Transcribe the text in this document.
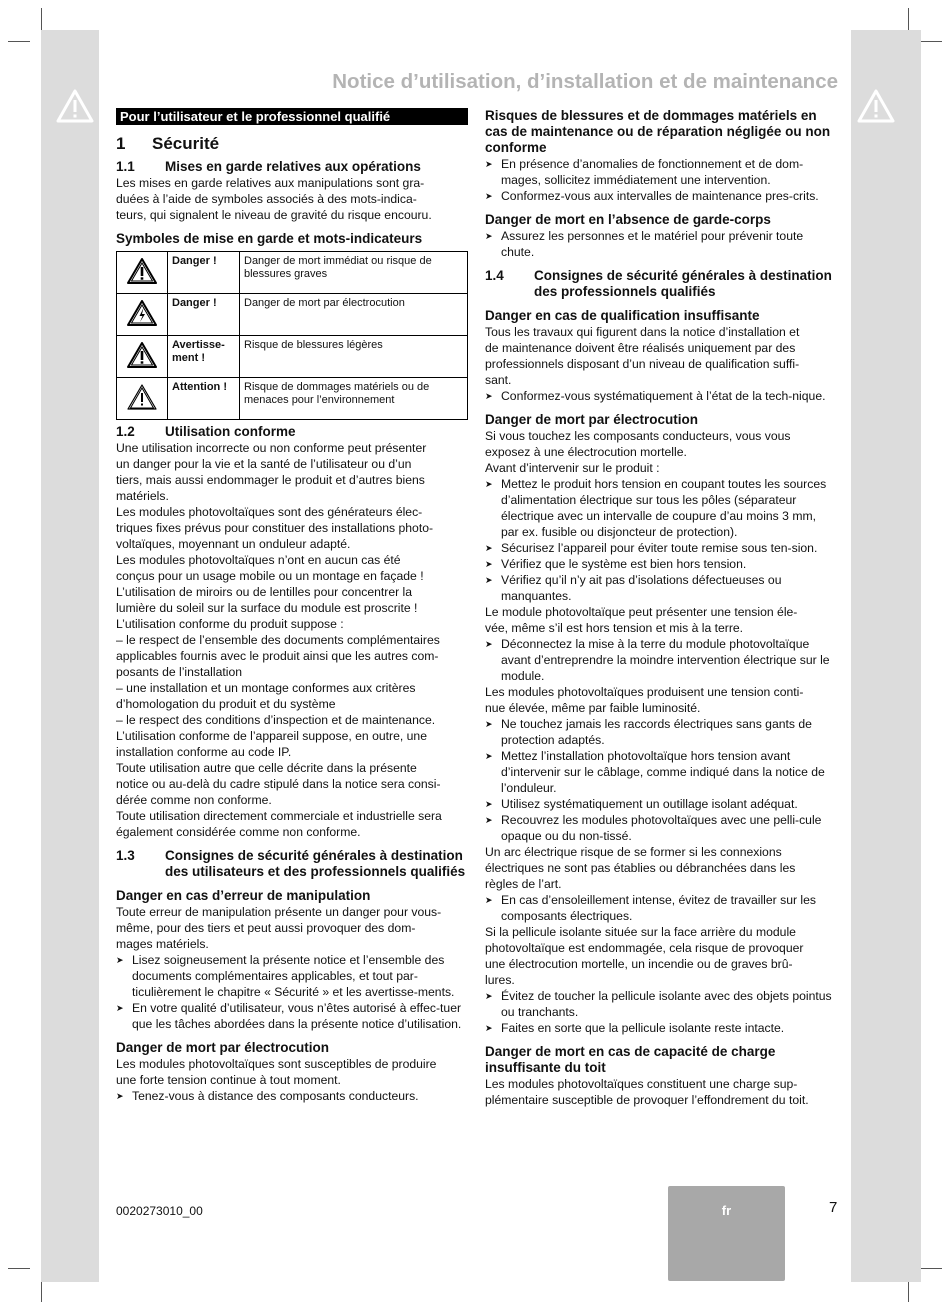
Notice d’utilisation, d’installation et de maintenance
Pour l’utilisateur et le professionnel qualifié
1	Sécurité
1.1	Mises en garde relatives aux opérations
Les mises en garde relatives aux manipulations sont gra-
duées à l’aide de symboles associés à des mots-indica-
teurs, qui signalent le niveau de gravité du risque encouru.
Symboles de mise en garde et mots-indicateurs
	Danger !	Danger de mort immédiat ou risque de blessures graves
	Danger !	Danger de mort par électrocution
	Avertisse-ment !	Risque de blessures légères
	Attention !	Risque de dommages matériels ou de menaces pour l’environnement
1.2	Utilisation conforme
Une utilisation incorrecte ou non conforme peut présenter
un danger pour la vie et la santé de l’utilisateur ou d’un
tiers, mais aussi endommager le produit et d’autres biens
matériels.
Les modules photovoltaïques sont des générateurs élec-
triques fixes prévus pour constituer des installations photo-
voltaïques, moyennant un onduleur adapté.
Les modules photovoltaïques n’ont en aucun cas été
conçus pour un usage mobile ou un montage en façade !
L’utilisation de miroirs ou de lentilles pour concentrer la
lumière du soleil sur la surface du module est proscrite !
L’utilisation conforme du produit suppose :
– le respect de l’ensemble des documents complémentaires
applicables fournis avec le produit ainsi que les autres com-
posants de l’installation
– une installation et un montage conformes aux critères
d’homologation du produit et du système
– le respect des conditions d’inspection et de maintenance.
L’utilisation conforme de l’appareil suppose, en outre, une
installation conforme au code IP.
Toute utilisation autre que celle décrite dans la présente
notice ou au-delà du cadre stipulé dans la notice sera consi-
dérée comme non conforme.
Toute utilisation directement commerciale et industrielle sera
également considérée comme non conforme.
1.3	Consignes de sécurité générales à destination des utilisateurs et des professionnels qualifiés
Danger en cas d’erreur de manipulation
Toute erreur de manipulation présente un danger pour vous-
même, pour des tiers et peut aussi provoquer des dom-
mages matériels.
➤ Lisez soigneusement la présente notice et l’ensemble des documents complémentaires applicables, et tout par-ticulièrement le chapitre « Sécurité » et les avertisse-ments.
➤ En votre qualité d’utilisateur, vous n’êtes autorisé à effec-tuer que les tâches abordées dans la présente notice d’utilisation.
Danger de mort par électrocution
Les modules photovoltaïques sont susceptibles de produire
une forte tension continue à tout moment.
➤ Tenez-vous à distance des composants conducteurs.
Risques de blessures et de dommages matériels en cas de maintenance ou de réparation négligée ou non conforme
➤ En présence d’anomalies de fonctionnement et de dom-mages, sollicitez immédiatement une intervention.
➤ Conformez-vous aux intervalles de maintenance pres-crits.
Danger de mort en l’absence de garde-corps
➤ Assurez les personnes et le matériel pour prévenir toute chute.
1.4	Consignes de sécurité générales à destination des professionnels qualifiés
Danger en cas de qualification insuffisante
Tous les travaux qui figurent dans la notice d’installation et
de maintenance doivent être réalisés uniquement par des
professionnels disposant d’un niveau de qualification suffi-
sant.
➤ Conformez-vous systématiquement à l’état de la tech-nique.
Danger de mort par électrocution
Si vous touchez les composants conducteurs, vous vous
exposez à une électrocution mortelle.
Avant d’intervenir sur le produit :
➤ Mettez le produit hors tension en coupant toutes les sources d’alimentation électrique sur tous les pôles (séparateur électrique avec un intervalle de coupure d’au moins 3 mm, par ex. fusible ou disjoncteur de protection).
➤ Sécurisez l’appareil pour éviter toute remise sous ten-sion.
➤ Vérifiez que le système est bien hors tension.
➤ Vérifiez qu’il n’y ait pas d’isolations défectueuses ou manquantes.
Le module photovoltaïque peut présenter une tension éle-
vée, même s’il est hors tension et mis à la terre.
➤ Déconnectez la mise à la terre du module photovoltaïque avant d’entreprendre la moindre intervention électrique sur le module.
Les modules photovoltaïques produisent une tension conti-
nue élevée, même par faible luminosité.
➤ Ne touchez jamais les raccords électriques sans gants de protection adaptés.
➤ Mettez l’installation photovoltaïque hors tension avant d’intervenir sur le câblage, comme indiqué dans la notice de l’onduleur.
➤ Utilisez systématiquement un outillage isolant adéquat.
➤ Recouvrez les modules photovoltaïques avec une pelli-cule opaque ou du non-tissé.
Un arc électrique risque de se former si les connexions
électriques ne sont pas établies ou débranchées dans les
règles de l’art.
➤ En cas d’ensoleillement intense, évitez de travailler sur les composants électriques.
Si la pellicule isolante située sur la face arrière du module
photovoltaïque est endommagée, cela risque de provoquer
une électrocution mortelle, un incendie ou de graves brû-
lures.
➤ Évitez de toucher la pellicule isolante avec des objets pointus ou tranchants.
➤ Faites en sorte que la pellicule isolante reste intacte.
Danger de mort en cas de capacité de charge insuffisante du toit
Les modules photovoltaïques constituent une charge sup-
plémentaire susceptible de provoquer l’effondrement du toit.
0020273010_00	fr	7
